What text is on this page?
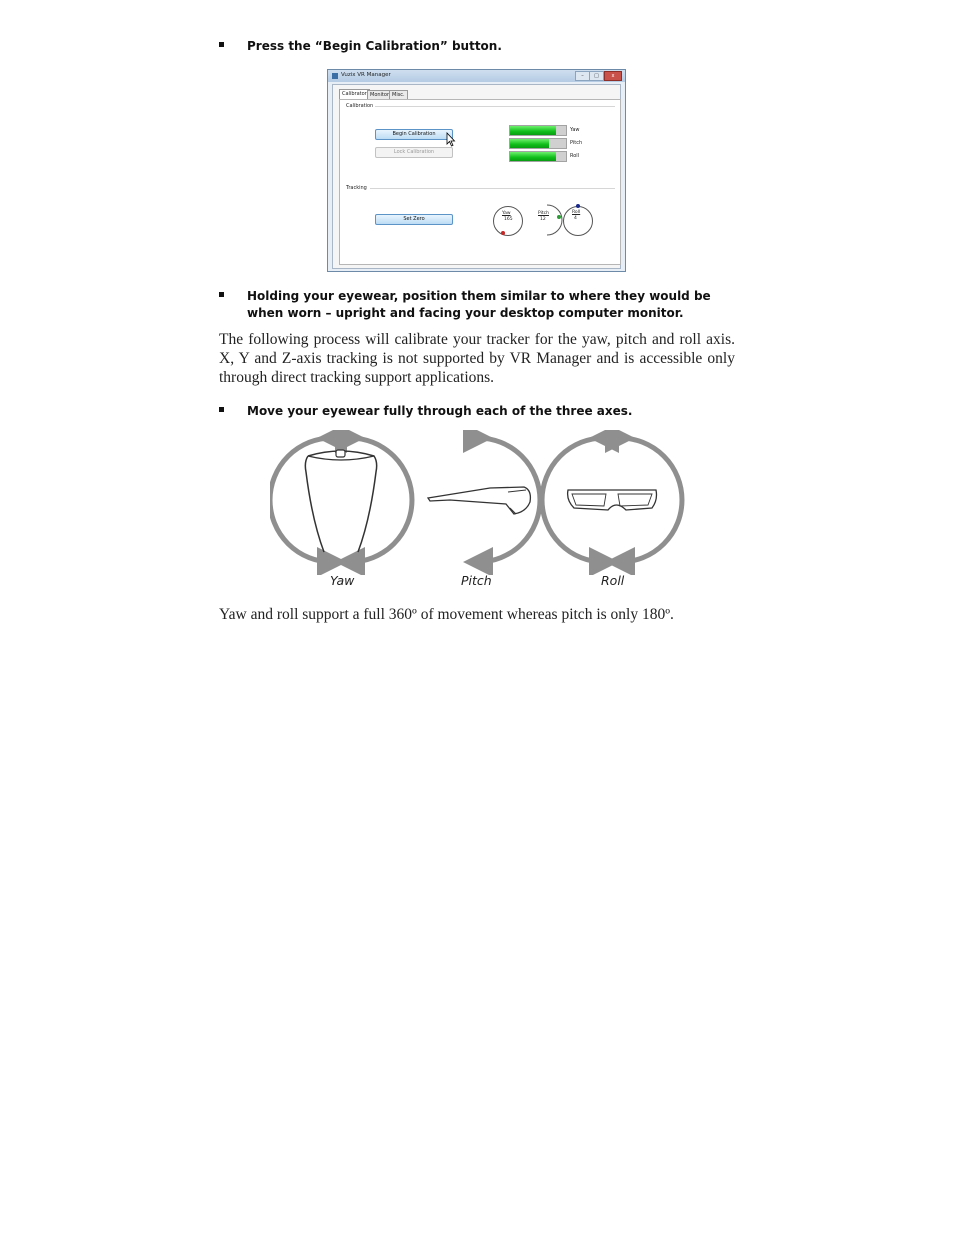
Press the “Begin Calibration” button.
Vuzix VR Manager	–	□	x
Calibrator Monitor Misc.
Calibration
Begin Calibration
Lock Calibration
Yaw
Pitch
Roll
Tracking
Set Zero
Yaw
165
Pitch
12
Roll
4
Holding your eyewear, position them similar to where they would be when worn – upright and facing your desktop computer monitor.
The following process will calibrate your tracker for the yaw, pitch and roll axis. X, Y and Z-axis tracking is not supported by VR Manager and is accessible only through direct tracking support applications.
Move your eyewear fully through each of the three axes.
Yaw	Pitch	Roll
Yaw and roll support a full 360º of movement whereas pitch is only 180º.
